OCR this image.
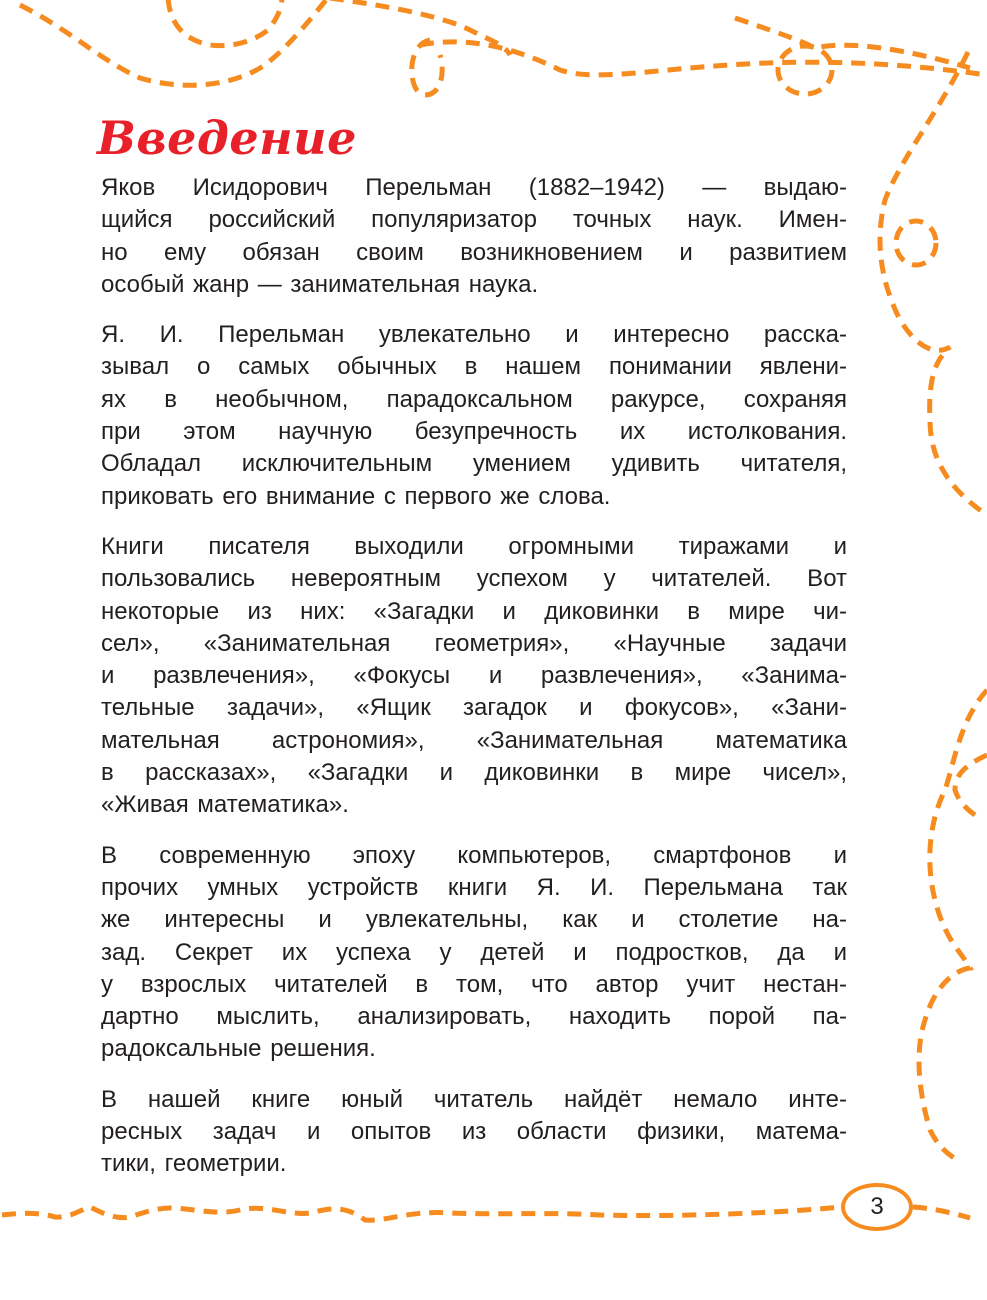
Введение

Яков Исидорович Перельман (1882–1942) — выдаю-
щийся российский популяризатор точных наук. Имен-
но ему обязан своим возникновением и развитием
особый жанр — занимательная наука.

Я. И. Перельман увлекательно и интересно расска-
зывал о самых обычных в нашем понимании явлени-
ях в необычном, парадоксальном ракурсе, сохраняя
при этом научную безупречность их истолкования.
Обладал исключительным умением удивить читателя,
приковать его внимание с первого же слова.

Книги писателя выходили огромными тиражами и
пользовались невероятным успехом у читателей. Вот
некоторые из них: «Загадки и диковинки в мире чи-
сел», «Занимательная геометрия», «Научные задачи
и развлечения», «Фокусы и развлечения», «Занима-
тельные задачи», «Ящик загадок и фокусов», «Зани-
мательная астрономия», «Занимательная математика
в рассказах», «Загадки и диковинки в мире чисел»,
«Живая математика».

В современную эпоху компьютеров, смартфонов и
прочих умных устройств книги Я. И. Перельмана так
же интересны и увлекательны, как и столетие на-
зад. Секрет их успеха у детей и подростков, да и
у взрослых читателей в том, что автор учит нестан-
дартно мыслить, анализировать, находить порой па-
радоксальные решения.

В нашей книге юный читатель найдёт немало инте-
ресных задач и опытов из области физики, матема-
тики, геометрии.

3
